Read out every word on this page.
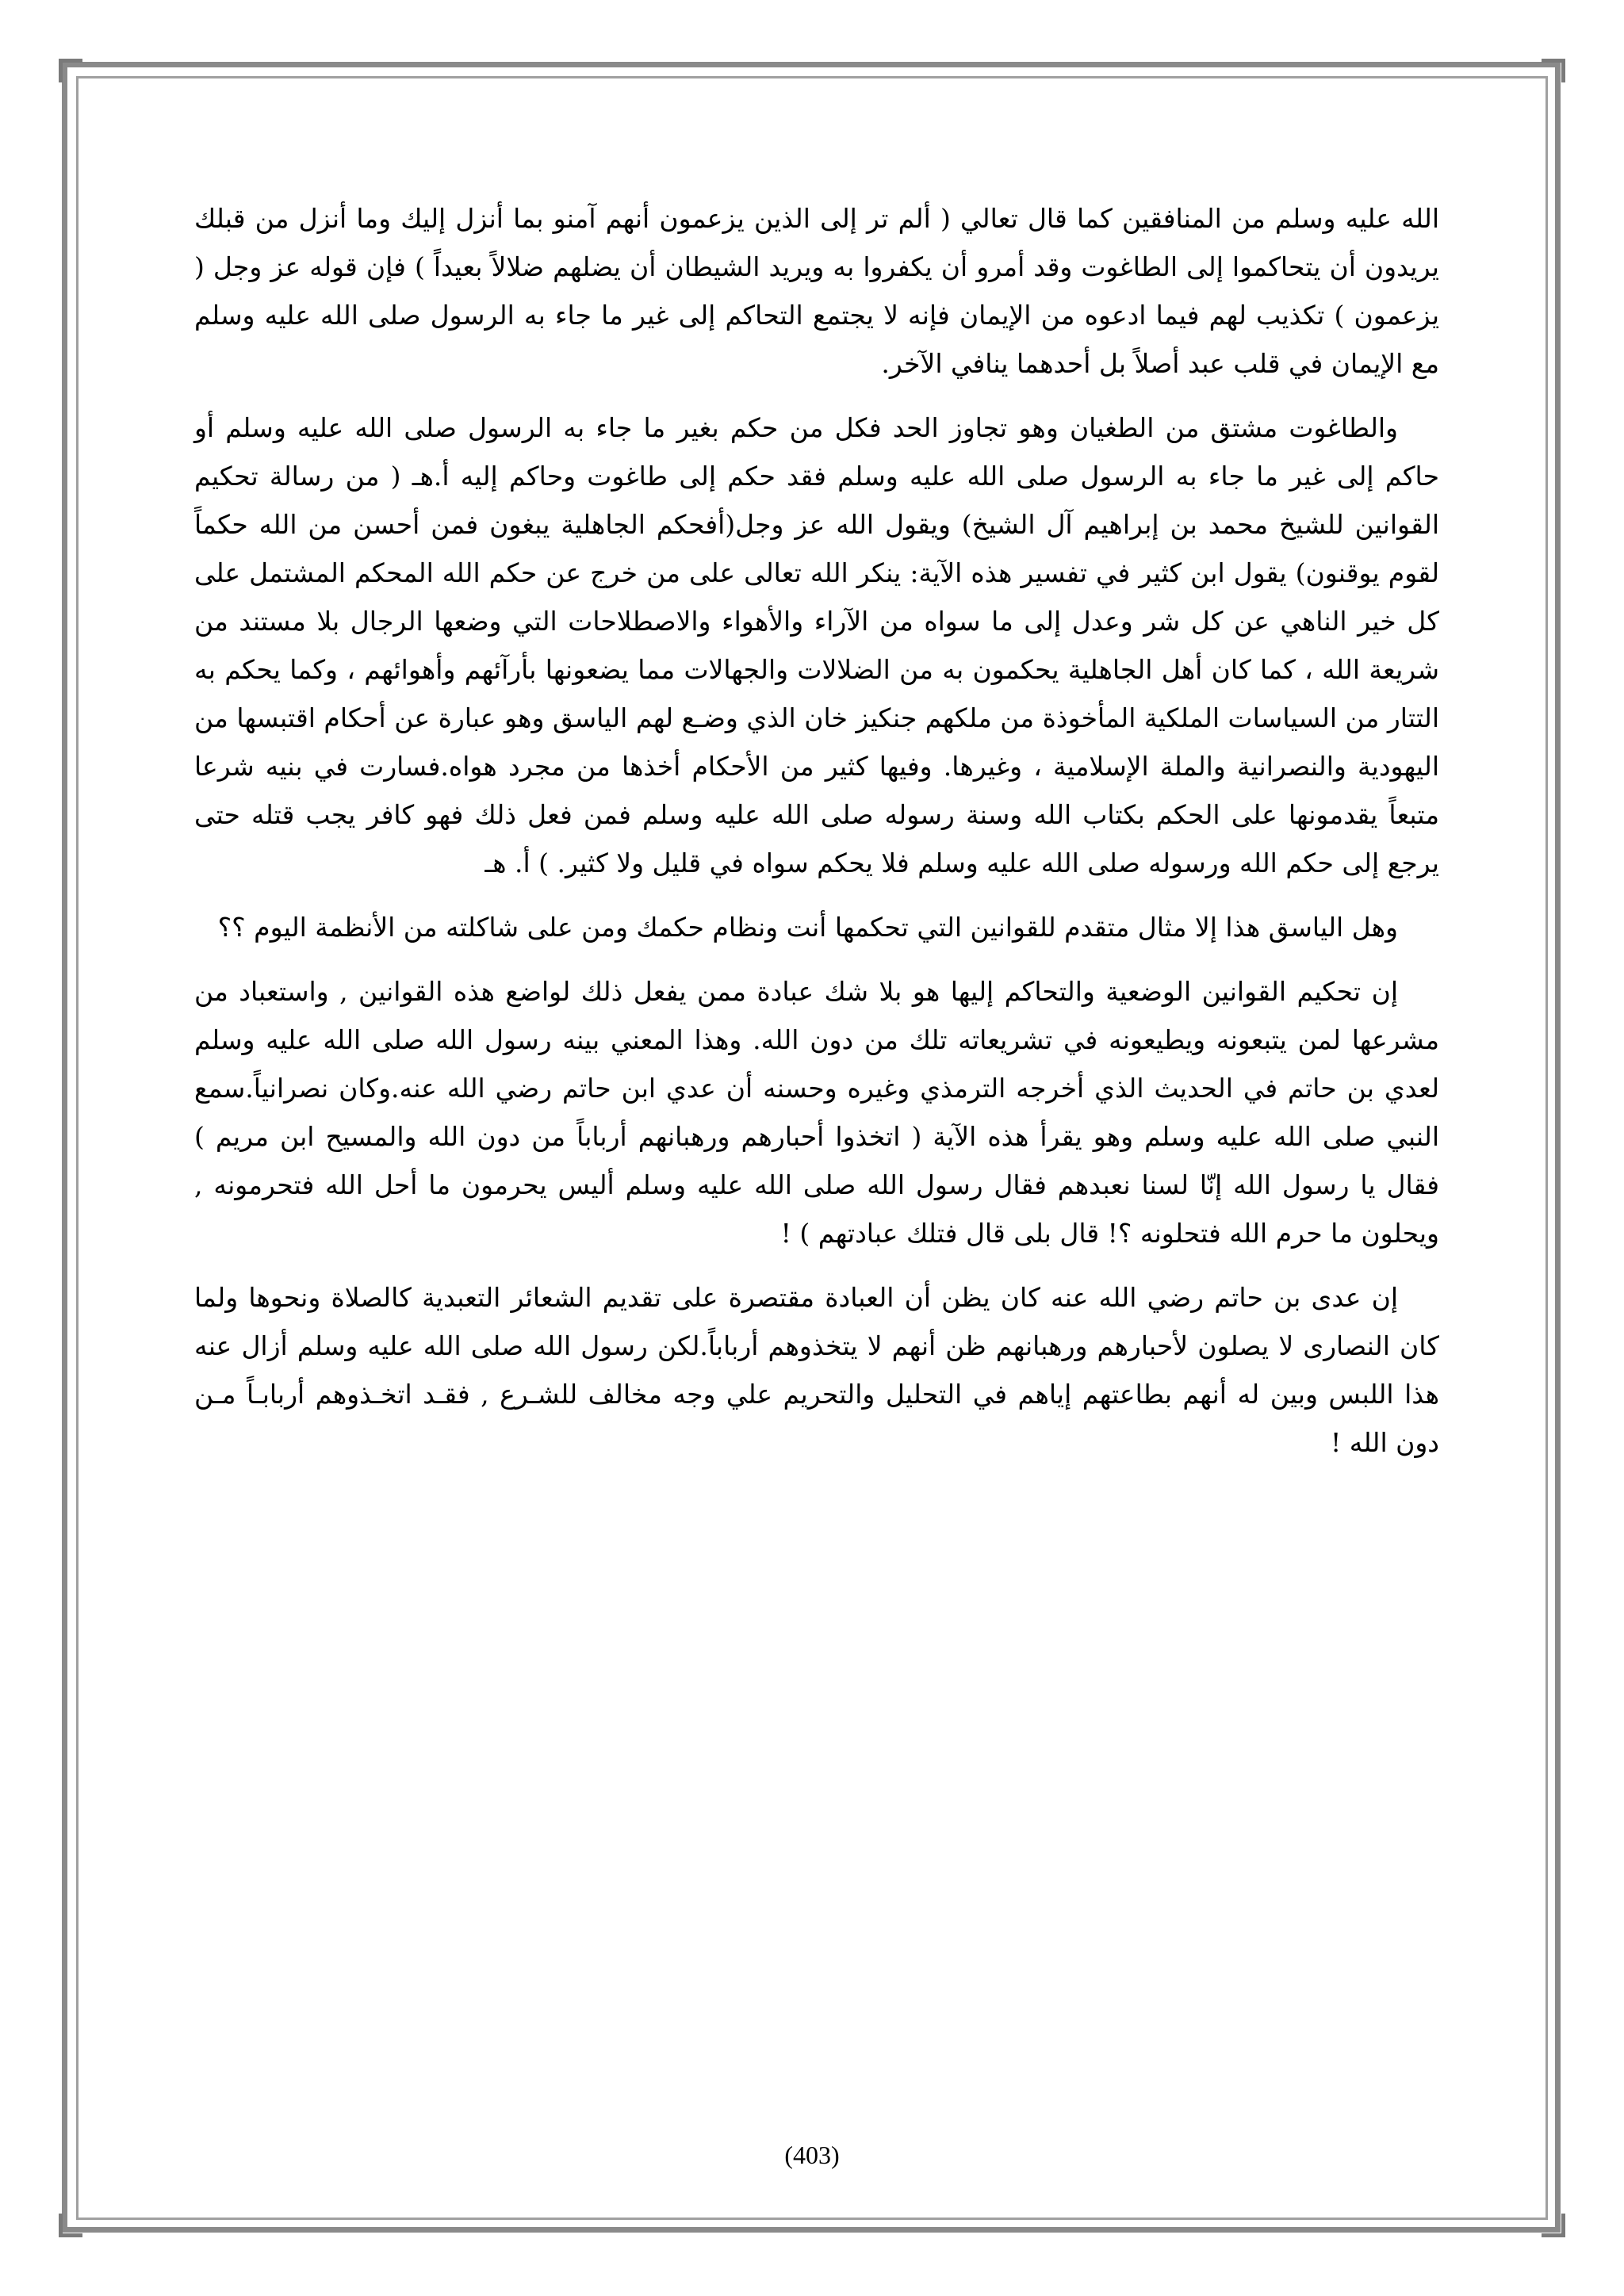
الله عليه وسلم من المنافقين كما قال تعالي ( ألم تر إلى الذين يزعمون أنهم آمنو بما أنزل إليك وما أنزل من قبلك يريدون أن يتحاكموا إلى الطاغوت وقد أمرو أن يكفروا به ويريد الشيطان أن يضلهم ضلالاً بعيداً ) فإن قوله عز وجل ( يزعمون ) تكذيب لهم فيما ادعوه من الإيمان فإنه لا يجتمع التحاكم إلى غير ما جاء به الرسول صلى الله عليه وسلم مع الإيمان في قلب عبد أصلاً بل أحدهما ينافي الآخر.

والطاغوت مشتق من الطغيان وهو تجاوز الحد فكل من حكم بغير ما جاء به الرسول صلى الله عليه وسلم أو حاكم إلى غير ما جاء به الرسول صلى الله عليه وسلم فقد حكم إلى طاغوت وحاكم إليه أ.هـ ( من رسالة تحكيم القوانين للشيخ محمد بن إبراهيم آل الشيخ) ويقول الله عز وجل(أفحكم الجاهلية يبغون فمن أحسن من الله حكماً لقوم يوقنون) يقول ابن كثير في تفسير هذه الآية: ينكر الله تعالى على من خرج عن حكم الله المحكم المشتمل على كل خير الناهي عن كل شر وعدل إلى ما سواه من الآراء والأهواء والاصطلاحات التي وضعها الرجال بلا مستند من شريعة الله ، كما كان أهل الجاهلية يحكمون به من الضلالات والجهالات مما يضعونها بأرآئهم وأهوائهم ، وكما يحكم به التتار من السياسات الملكية المأخوذة من ملكهم جنكيز خان الذي وضـع لهم الياسق وهو عبارة عن أحكام اقتبسها من اليهودية والنصرانية والملة الإسلامية ، وغيرها. وفيها كثير من الأحكام أخذها من مجرد هواه.فسارت في بنيه شرعا متبعاً يقدمونها على الحكم بكتاب الله وسنة رسوله صلى الله عليه وسلم فمن فعل ذلك فهو كافر يجب قتله حتى يرجع إلى حكم الله ورسوله صلى الله عليه وسلم فلا يحكم سواه في قليل ولا كثير. ) أ. هـ

وهل الياسق هذا إلا مثال متقدم للقوانين التي تحكمها أنت ونظام حكمك ومن على شاكلته من الأنظمة اليوم ؟؟

إن تحكيم القوانين الوضعية والتحاكم إليها هو بلا شك عبادة ممن يفعل ذلك لواضع هذه القوانين , واستعباد من مشرعها لمن يتبعونه ويطيعونه في تشريعاته تلك من دون الله. وهذا المعني بينه رسول الله صلى الله عليه وسلم لعدي بن حاتم في الحديث الذي أخرجه الترمذي وغيره وحسنه أن عدي ابن حاتم رضي الله عنه.وكان نصرانياً.سمع النبي صلى الله عليه وسلم وهو يقرأ هذه الآية ( اتخذوا أحبارهم ورهبانهم أرباباً من دون الله والمسيح ابن مريم ) فقال يا رسول الله إنّا لسنا نعبدهم فقال رسول الله صلى الله عليه وسلم أليس يحرمون ما أحل الله فتحرمونه , ويحلون ما حرم الله فتحلونه ؟! قال بلى قال فتلك عبادتهم ) !

إن عدى بن حاتم رضي الله عنه كان يظن أن العبادة مقتصرة على تقديم الشعائر التعبدية كالصلاة ونحوها ولما كان النصارى لا يصلون لأحبارهم ورهبانهم ظن أنهم لا يتخذوهم أرباباً.لكن رسول الله صلى الله عليه وسلم أزال عنه هذا اللبس وبين له أنهم بطاعتهم إياهم في التحليل والتحريم علي وجه مخالف للشـرع , فقـد اتخـذوهم أربابـاً مـن دون الله !

(403)
